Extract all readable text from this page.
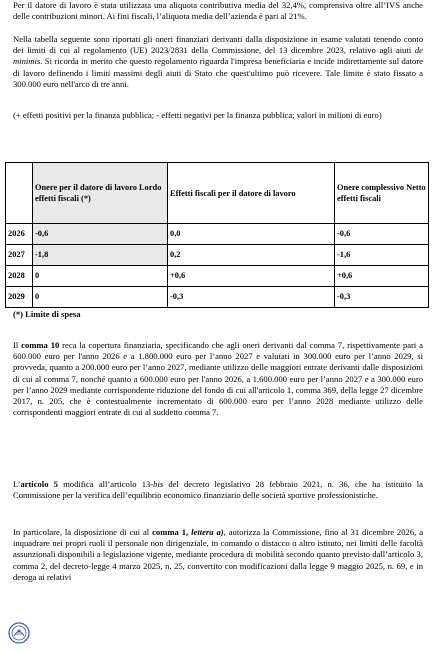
Per il datore di lavoro è stata utilizzata una aliquota contributiva media del 32,4%, comprensiva oltre all’IVS anche delle contribuzioni minori. Ai fini fiscali, l’aliquota media dell’azienda è pari al 21%.

Nella tabella seguente sono riportati gli oneri finanziari derivanti dalla disposizione in esame valutati tenendo conto dei limiti di cui al regolamento (UE) 2023/2831 della Commissione, del 13 dicembre 2023, relativo agli aiuti de minimis. Si ricorda in merito che questo regolamento riguarda l'impresa beneficiaria e incide indirettamente sul datore di lavoro definendo i limiti massimi degli aiuti di Stato che quest'ultimo può ricevere. Tale limite è stato fissato a 300.000 euro nell'arco di tre anni.

(+ effetti positivi per la finanza pubblica; - effetti negativi per la finanza pubblica; valori in milioni di euro)

	Onere per il datore di lavoro Lordo effetti fiscali (*)	Effetti fiscali per il datore di lavoro	Onere complessivo Netto effetti fiscali
2026	-0,6	0,0	-0,6
2027	-1,8	0,2	-1,6
2028	0	+0,6	+0,6
2029	0	-0,3	-0,3

(*) Limite di spesa

Il comma 10 reca la copertura finanziaria, specificando che agli oneri derivanti dal comma 7, rispettivamente pari a 600.000 euro per l'anno 2026 e a 1.800.000 euro per l’anno 2027 e valutati in 300.000 euro per l’anno 2029, si provveda, quanto a 200.000 euro per l’anno 2027, mediante utilizzo delle maggiori entrate derivanti dalle disposizioni di cui al comma 7, nonché quanto a 600.000 euro per l'anno 2026, a 1.600.000 euro per l’anno 2027 e a 300.000 euro per l’anno 2029 mediante corrispondente riduzione del fondo di cui all'articolo 1, comma 369, della legge 27 dicembre 2017, n. 205, che è contestualmente incrementato di 600.000 euro per l’anno 2028 mediante utilizzo delle corrispondenti maggiori entrate di cui al suddetto comma 7.

L’articolo 5 modifica all’articolo 13-bis del decreto legislativo 28 febbraio 2021, n. 36, che ha istituito la Commissione per la verifica dell’equilibrio economico finanziario delle società sportive professionistiche.

In particolare, la disposizione di cui al comma 1, lettera a), autorizza la Commissione, fino al 31 dicembre 2026, a inquadrare nei propri ruoli il personale non dirigenziale, in comando o distacco o altro istituto, nei limiti delle facoltà assunzionali disponibili a legislazione vigente, mediante procedura di mobilità secondo quanto previsto dall’articolo 3, comma 2, del decreto-legge 4 marzo 2025, n. 25, convertito con modificazioni dalla legge 9 maggio 2025, n. 69, e in deroga ai relativi
